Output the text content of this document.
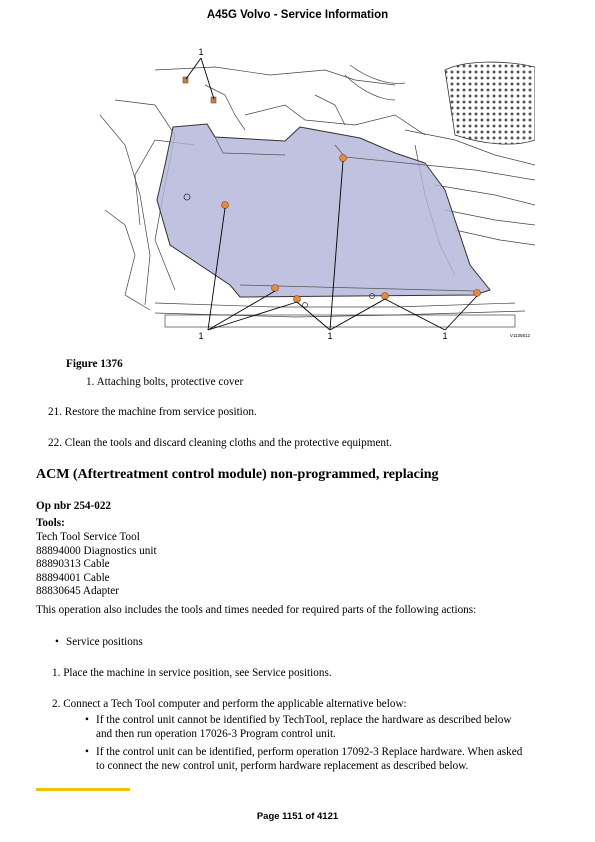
A45G Volvo - Service Information
1
1	1	1	V1135812
Figure 1376
1. Attaching bolts, protective cover
21. Restore the machine from service position.
22. Clean the tools and discard cleaning cloths and the protective equipment.
ACM (Aftertreatment control module) non-programmed, replacing
Op nbr 254-022
Tools:
Tech Tool Service Tool
88894000 Diagnostics unit
88890313 Cable
88894001 Cable
88830645 Adapter
This operation also includes the tools and times needed for required parts of the following actions:
• Service positions
1. Place the machine in service position, see Service positions.
2. Connect a Tech Tool computer and perform the applicable alternative below:
• If the control unit cannot be identified by TechTool, replace the hardware as described below
and then run operation 17026-3 Program control unit.
• If the control unit can be identified, perform operation 17092-3 Replace hardware. When asked
to connect the new control unit, perform hardware replacement as described below.
Page 1151 of 4121
